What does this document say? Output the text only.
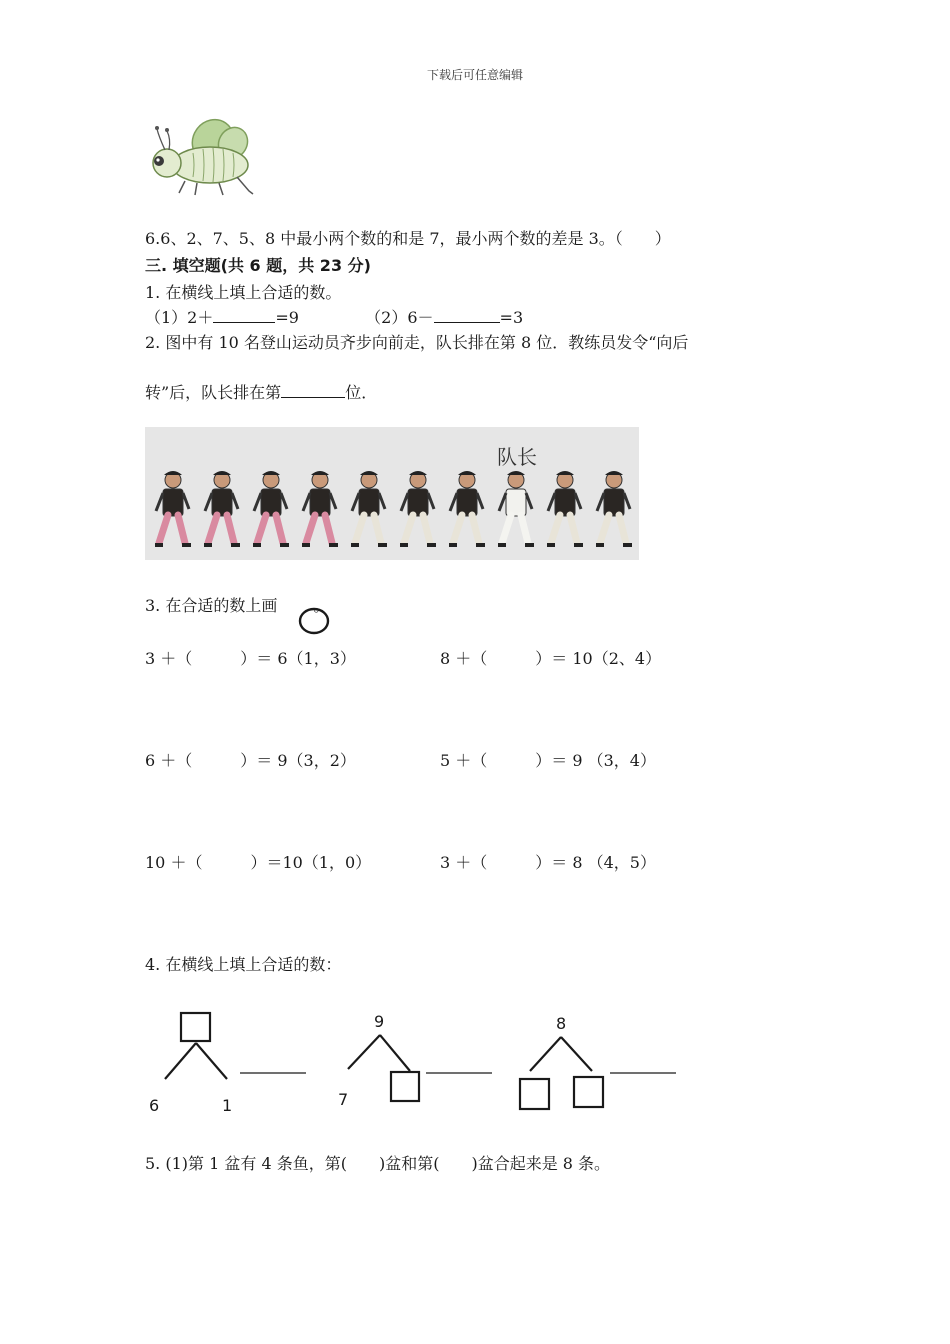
下载后可任意编辑
6.6、2、7、5、8 中最小两个数的和是 7，最小两个数的差是 3。（　　）
三. 填空题(共 6 题，共 23 分)
1. 在横线上填上合适的数。
（1）2＋	=9	（2）6－	=3
2. 图中有 10 名登山运动员齐步向前走，队长排在第 8 位．教练员发令“向后
转”后，队长排在第	位．
队长
3. 在合适的数上画 。
3 ＋（　　　）＝ 6（1，3）	8 ＋（　　　）＝ 10（2、4）
6 ＋（　　　）＝ 9（3，2）	5 ＋（　　　）＝ 9 （3，4）
10 ＋（　　　）＝10（1，0）	3 ＋（　　　）＝ 8 （4，5）
4. 在横线上填上合适的数：
6	1
9
7
8
5. (1)第 1 盆有 4 条鱼，第(　　)盆和第(　　)盆合起来是 8 条。
